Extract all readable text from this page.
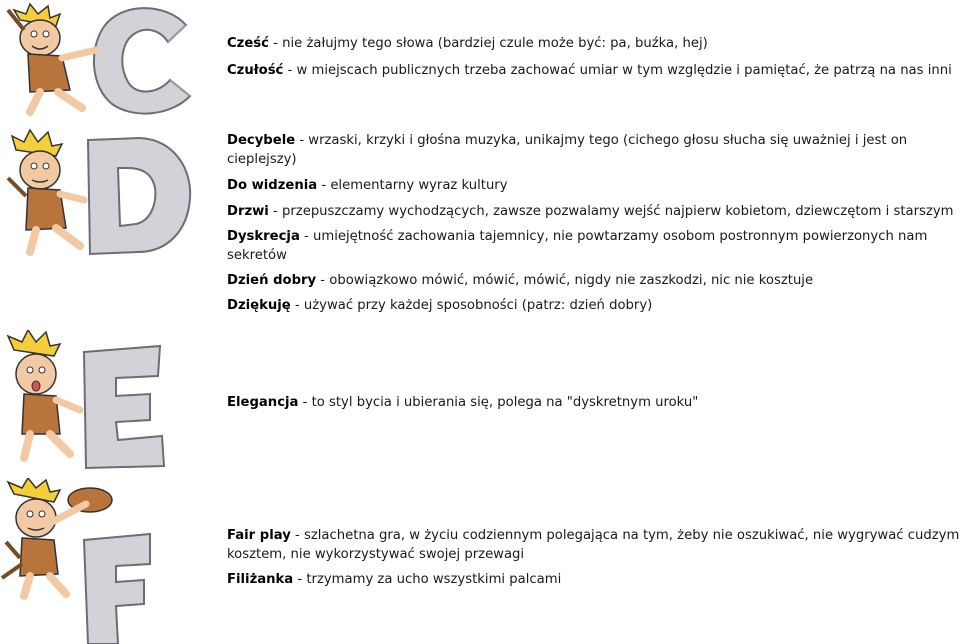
Cześć - nie żałujmy tego słowa (bardziej czule może być: pa, buźka, hej)
Czułość - w miejscach publicznych trzeba zachować umiar w tym względzie i pamiętać, że patrzą na nas inni
Decybele - wrzaski, krzyki i głośna muzyka, unikajmy tego (cichego głosu słucha się uważniej i jest on cieplejszy)
Do widzenia - elementarny wyraz kultury
Drzwi - przepuszczamy wychodzących, zawsze pozwalamy wejść najpierw kobietom, dziewczętom i starszym
Dyskrecja - umiejętność zachowania tajemnicy, nie powtarzamy osobom postronnym powierzonych nam sekretów
Dzień dobry - obowiązkowo mówić, mówić, mówić, nigdy nie zaszkodzi, nic nie kosztuje
Dziękuję - używać przy każdej sposobności (patrz: dzień dobry)
Elegancja - to styl bycia i ubierania się, polega na "dyskretnym uroku"
Fair play - szlachetna gra, w życiu codziennym polegająca na tym, żeby nie oszukiwać, nie wygrywać cudzym kosztem, nie wykorzystywać swojej przewagi
Filiżanka - trzymamy za ucho wszystkimi palcami
